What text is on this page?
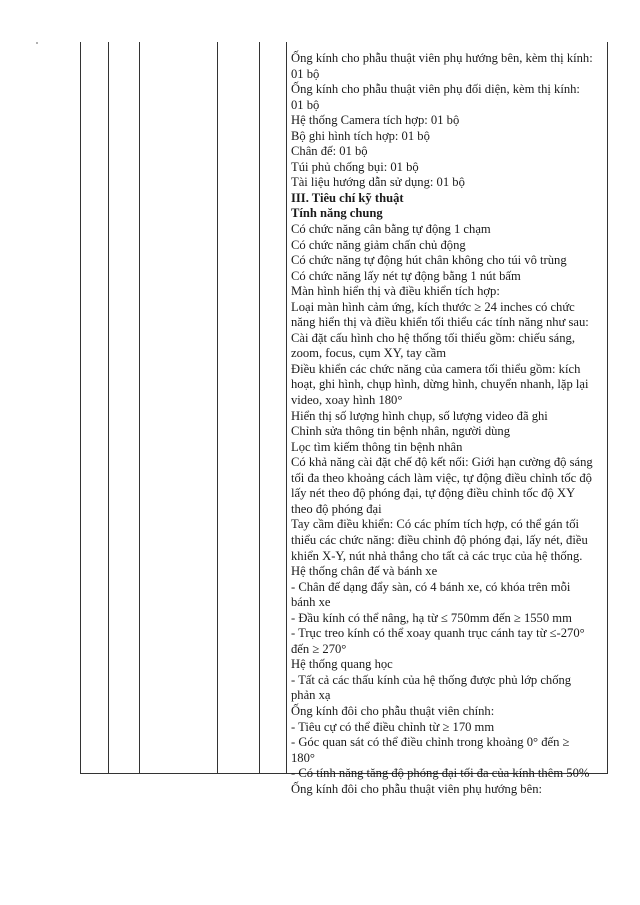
Ống kính cho phẫu thuật viên phụ hướng bên, kèm thị kính:
01 bộ
Ống kính cho phẫu thuật viên phụ đối diện, kèm thị kính:
01 bộ
Hệ thống Camera tích hợp: 01 bộ
Bộ ghi hình tích hợp: 01 bộ
Chân đế: 01 bộ
Túi phủ chống bụi: 01 bộ
Tài liệu hướng dẫn sử dụng: 01 bộ
III. Tiêu chí kỹ thuật
Tính năng chung
Có chức năng cân bằng tự động 1 chạm
Có chức năng giảm chấn chủ động
Có chức năng tự động hút chân không cho túi vô trùng
Có chức năng lấy nét tự động bằng 1 nút bấm
Màn hình hiển thị và điều khiển tích hợp:
Loại màn hình cảm ứng, kích thước ≥ 24 inches có chức
năng hiển thị và điều khiển tối thiểu các tính năng như sau:
Cài đặt cấu hình cho hệ thống tối thiểu gồm: chiếu sáng,
zoom, focus, cụm XY, tay cầm
Điều khiển các chức năng của camera tối thiểu gồm: kích
hoạt, ghi hình, chụp hình, dừng hình, chuyển nhanh, lặp lại
video, xoay hình 180°
Hiển thị số lượng hình chụp, số lượng video đã ghi
Chỉnh sửa thông tin bệnh nhân, người dùng
Lọc tìm kiếm thông tin bệnh nhân
Có khả năng cài đặt chế độ kết nối: Giới hạn cường độ sáng
tối đa theo khoảng cách làm việc, tự động điều chỉnh tốc độ
lấy nét theo độ phóng đại, tự động điều chỉnh tốc độ XY
theo độ phóng đại
Tay cầm điều khiển: Có các phím tích hợp, có thể gán tối
thiểu các chức năng: điều chỉnh độ phóng đại, lấy nét, điều
khiển X-Y, nút nhả thắng cho tất cả các trục của hệ thống.
Hệ thống chân đế và bánh xe
- Chân đế dạng đẩy sàn, có 4 bánh xe, có khóa trên mỗi
bánh xe
- Đầu kính có thể nâng, hạ từ ≤ 750mm đến ≥ 1550 mm
- Trục treo kính có thể xoay quanh trục cánh tay từ ≤-270°
đến ≥ 270°
Hệ thống quang học
- Tất cả các thấu kính của hệ thống được phủ lớp chống
phản xạ
Ống kính đôi cho phẫu thuật viên chính:
- Tiêu cự có thể điều chỉnh từ ≥ 170 mm
- Góc quan sát có thể điều chỉnh trong khoảng 0° đến ≥
180°
- Có tính năng tăng độ phóng đại tối đa của kính thêm 50%
Ống kính đôi cho phẫu thuật viên phụ hướng bên:
